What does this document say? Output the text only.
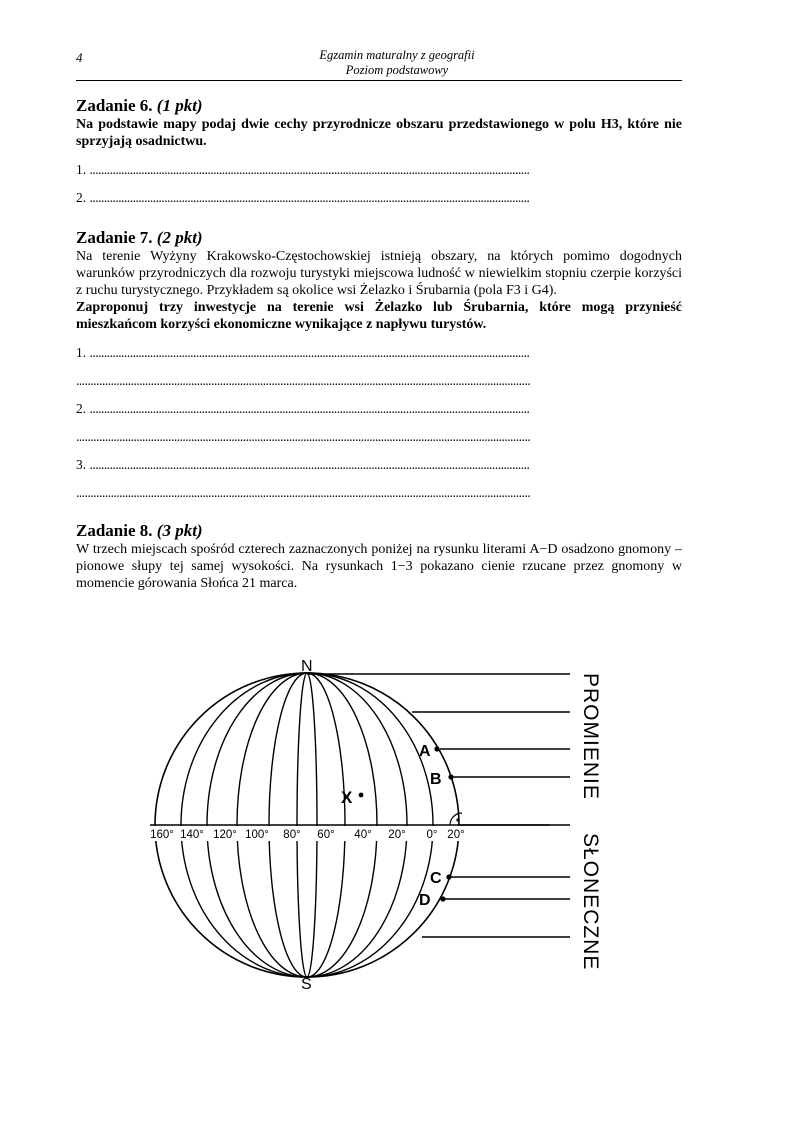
4	Egzamin maturalny z geografii
Poziom podstawowy
Zadanie 6. (1 pkt)

Na podstawie mapy podaj dwie cechy przyrodnicze obszaru przedstawionego w polu H3, które nie sprzyjają osadnictwu.

1.
.........................................................................................................................................................
2.
.........................................................................................................................................................
Zadanie 7. (2 pkt)

Na terenie Wyżyny Krakowsko-Częstochowskiej istnieją obszary, na których pomimo dogodnych warunków przyrodniczych dla rozwoju turystyki miejscowa ludność w niewielkim stopniu czerpie korzyści z ruchu turystycznego. Przykładem są okolice wsi Żelazko i Śrubarnia (pola F3 i G4).

Zaproponuj trzy inwestycje na terenie wsi Żelazko lub Śrubarnia, które mogą przynieść mieszkańcom korzyści ekonomiczne wynikające z napływu turystów.

1.
.........................................................................................................................................................
..............................................................................................................................................................
2.
.........................................................................................................................................................
..............................................................................................................................................................
3.
.........................................................................................................................................................
..............................................................................................................................................................
Zadanie 8. (3 pkt)

W trzech miejscach spośród czterech zaznaczonych poniżej na rysunku literami A−D osadzono gnomony – pionowe słupy tej samej wysokości. Na rysunkach 1−3 pokazano cienie rzucane przez gnomony w momencie górowania Słońca 21 marca.

N
S
A
B
X
C
D
160° 140° 120° 100° 80° 60° 40° 20° 0° 20°
PROMIENIE
SŁONECZNE
